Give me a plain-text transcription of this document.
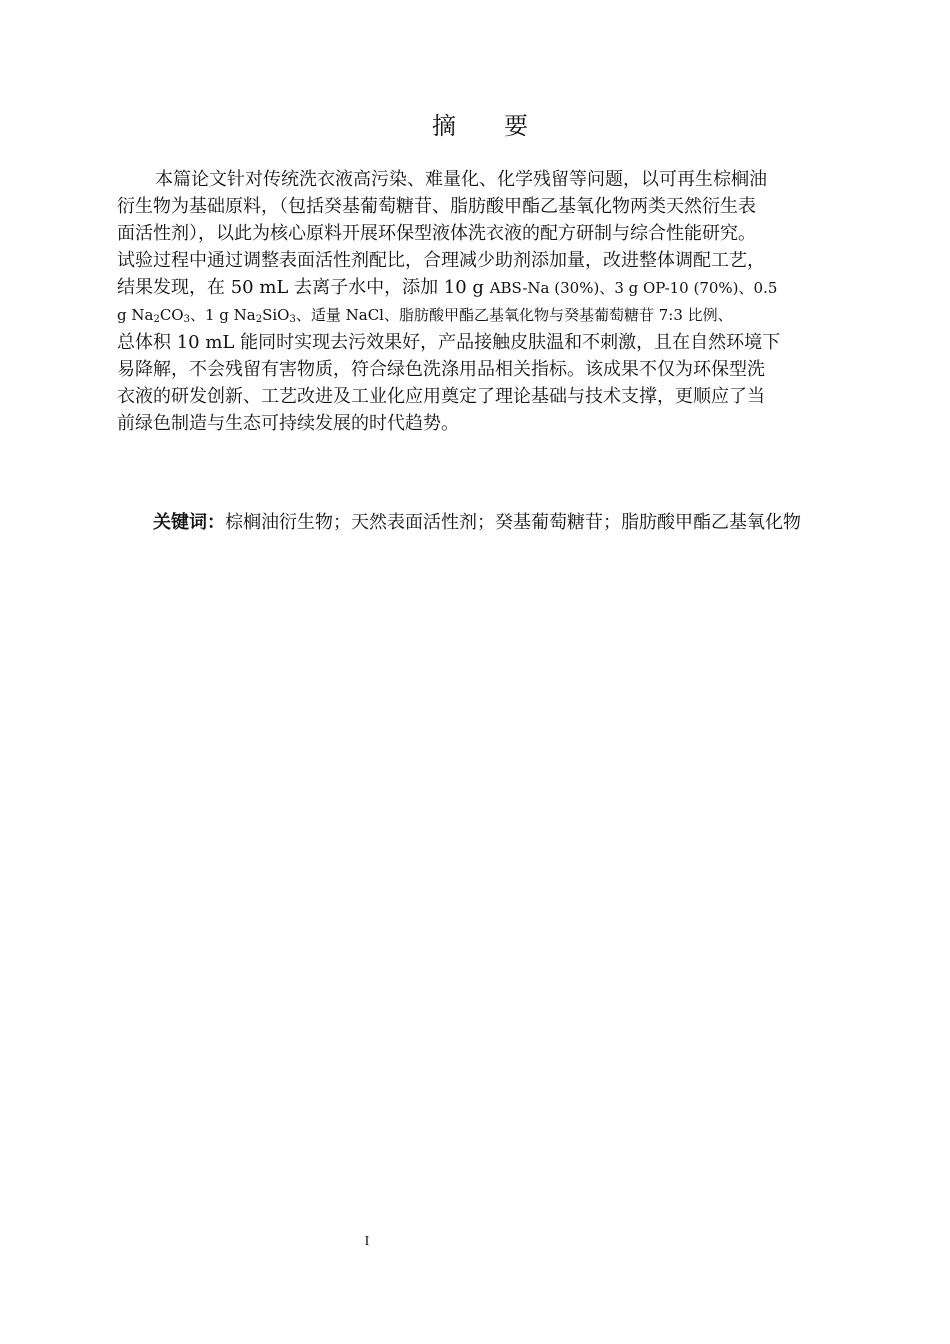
摘 要
本篇论文针对传统洗衣液高污染、难量化、化学残留等问题，以可再生棕榈油
衍生物为基础原料，（包括癸基葡萄糖苷、脂肪酸甲酯乙基氧化物两类天然衍生表
面活性剂），以此为核心原料开展环保型液体洗衣液的配方研制与综合性能研究。
试验过程中通过调整表面活性剂配比，合理减少助剂添加量，改进整体调配工艺，
结果发现，在 50 mL 去离子水中，添加 10 g ABS-Na (30%)、3 g OP-10 (70%)、0.5
g $Na_2CO_3$、1 g $Na_2SiO_3$、适量 NaCl、脂肪酸甲酯乙基氧化物与癸基葡萄糖苷 7:3 比例、
总体积 10 mL 能同时实现去污效果好，产品接触皮肤温和不刺激，且在自然环境下
易降解，不会残留有害物质，符合绿色洗涤用品相关指标。该成果不仅为环保型洗
衣液的研发创新、工艺改进及工业化应用奠定了理论基础与技术支撑，更顺应了当
前绿色制造与生态可持续发展的时代趋势。
关键词：棕榈油衍生物；天然表面活性剂；癸基葡萄糖苷；脂肪酸甲酯乙基氧化物
I
